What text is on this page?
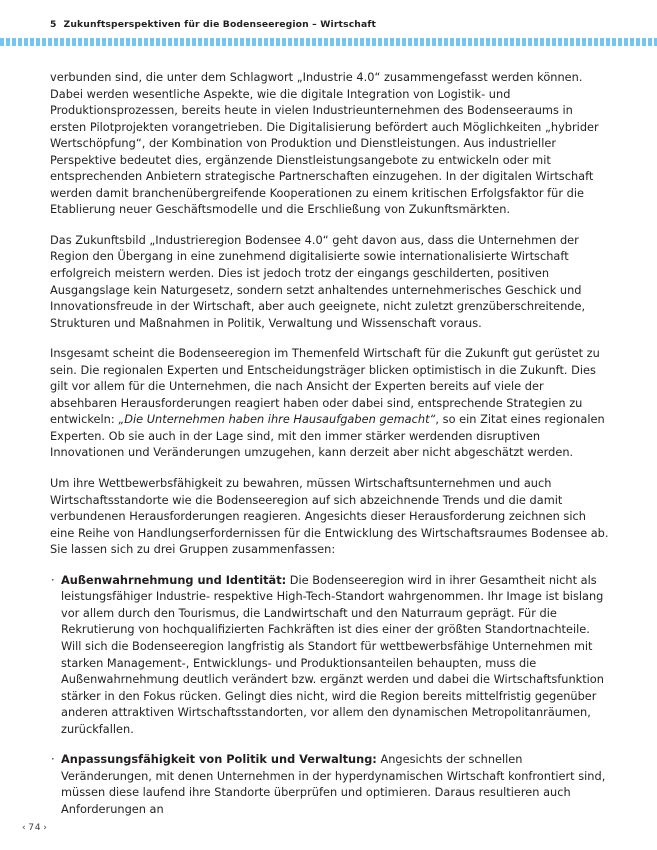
5 Zukunftsperspektiven für die Bodenseeregion – Wirtschaft

verbunden sind, die unter dem Schlagwort „Industrie 4.0“ zusammengefasst werden können. Dabei werden wesentliche Aspekte, wie die digitale Integration von Logistik- und Produktionsprozessen, bereits heute in vielen Industrieunternehmen des Bodenseeraums in ersten Pilotprojekten vorangetrieben. Die Digitalisierung befördert auch Möglichkeiten „hybrider Wertschöpfung“, der Kombination von Produktion und Dienstleistungen. Aus industrieller Perspektive bedeutet dies, ergänzende Dienstleistungsangebote zu entwickeln oder mit entsprechenden Anbietern strategische Partnerschaften einzugehen. In der digitalen Wirtschaft werden damit branchenübergreifende Kooperationen zu einem kritischen Erfolgsfaktor für die Etablierung neuer Geschäftsmodelle und die Erschließung von Zukunftsmärkten.

Das Zukunftsbild „Industrieregion Bodensee 4.0“ geht davon aus, dass die Unternehmen der Region den Übergang in eine zunehmend digitalisierte sowie internationalisierte Wirtschaft erfolgreich meistern werden. Dies ist jedoch trotz der eingangs geschilderten, positiven Ausgangslage kein Naturgesetz, sondern setzt anhaltendes unternehmerisches Geschick und Innovationsfreude in der Wirtschaft, aber auch geeignete, nicht zuletzt grenzüberschreitende, Strukturen und Maßnahmen in Politik, Verwaltung und Wissenschaft voraus.

Insgesamt scheint die Bodenseeregion im Themenfeld Wirtschaft für die Zukunft gut gerüstet zu sein. Die regionalen Experten und Entscheidungsträger blicken optimistisch in die Zukunft. Dies gilt vor allem für die Unternehmen, die nach Ansicht der Experten bereits auf viele der absehbaren Herausforderungen reagiert haben oder dabei sind, entsprechende Strategien zu entwickeln: „Die Unternehmen haben ihre Hausaufgaben gemacht“, so ein Zitat eines regionalen Experten. Ob sie auch in der Lage sind, mit den immer stärker werdenden disruptiven Innovationen und Veränderungen umzugehen, kann derzeit aber nicht abgeschätzt werden.

Um ihre Wettbewerbsfähigkeit zu bewahren, müssen Wirtschaftsunternehmen und auch Wirtschaftsstandorte wie die Bodenseeregion auf sich abzeichnende Trends und die damit verbundenen Herausforderungen reagieren. Angesichts dieser Herausforderung zeichnen sich eine Reihe von Handlungserfordernissen für die Entwicklung des Wirtschaftsraumes Bodensee ab. Sie lassen sich zu drei Gruppen zusammenfassen:

· Außenwahrnehmung und Identität: Die Bodenseeregion wird in ihrer Gesamtheit nicht als leistungsfähiger Industrie- respektive High-Tech-Standort wahrgenommen. Ihr Image ist bislang vor allem durch den Tourismus, die Landwirtschaft und den Naturraum geprägt. Für die Rekrutierung von hochqualifizierten Fachkräften ist dies einer der größten Standortnachteile. Will sich die Bodenseeregion langfristig als Standort für wettbewerbsfähige Unternehmen mit starken Management-, Entwicklungs- und Produktionsanteilen behaupten, muss die Außenwahrnehmung deutlich verändert bzw. ergänzt werden und dabei die Wirtschaftsfunktion stärker in den Fokus rücken. Gelingt dies nicht, wird die Region bereits mittelfristig gegenüber anderen attraktiven Wirtschaftsstandorten, vor allem den dynamischen Metropolitanräumen, zurückfallen.
· Anpassungsfähigkeit von Politik und Verwaltung: Angesichts der schnellen Veränderungen, mit denen Unternehmen in der hyperdynamischen Wirtschaft konfrontiert sind, müssen diese laufend ihre Standorte überprüfen und optimieren. Daraus resultieren auch Anforderungen an
‹ 74 ›
